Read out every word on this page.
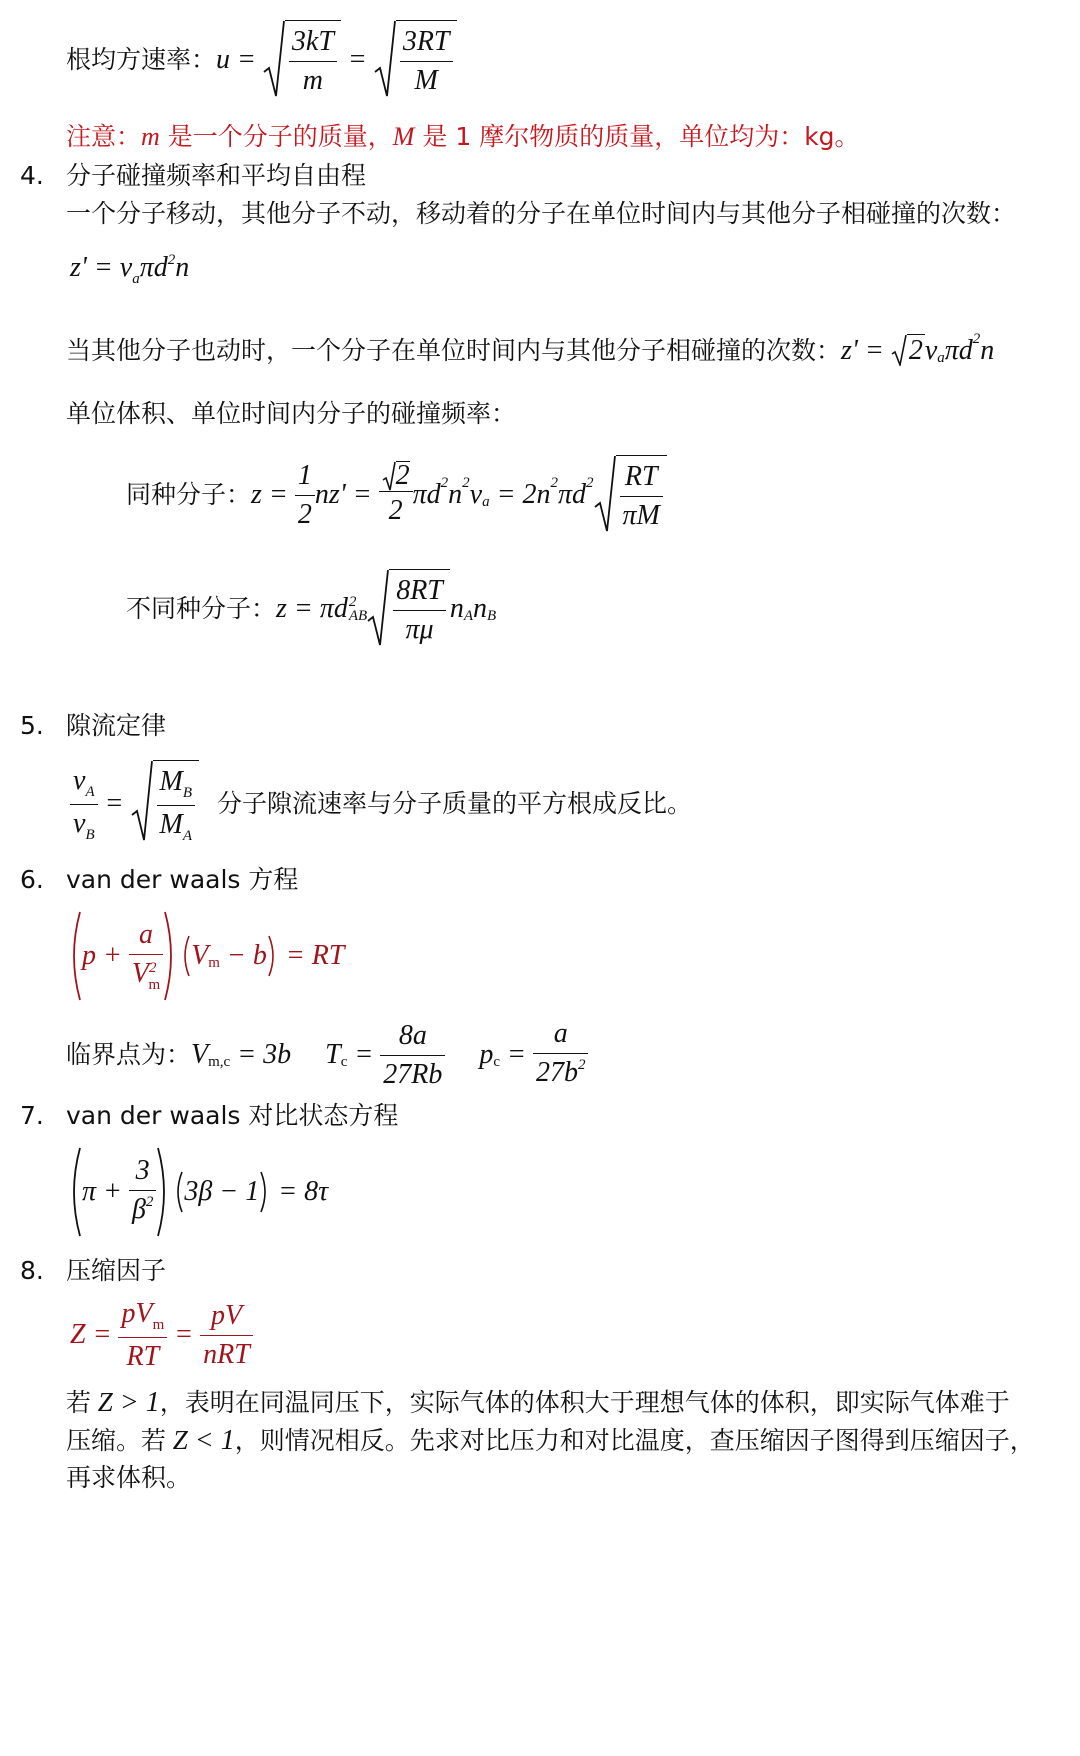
根均方速率： $u = \frac{3kT}{m} = \frac{3RT}{M}$
注意：m 是一个分子的质量，M 是 1 摩尔物质的质量，单位均为：kg。
4. 分子碰撞频率和平均自由程
一个分子移动，其他分子不动，移动着的分子在单位时间内与其他分子相碰撞的次数：
$z' = v_a\pi d^2n$
当其他分子也动时，一个分子在单位时间内与其他分子相碰撞的次数： z' = 2 v a πd 2 n
单位体积、单位时间内分子的碰撞频率：
同种分子： $z = \frac{1}{2} nz' = \frac{2}{2}$ πd 2 n 2 v a = 2 n 2 πd $2 \frac{RT}{\pi M}$
不同种分子： z = πd 2
AB $\frac{8RT}{\pi\mu}$ n A n B
5. 隙流定律
$\frac{v_A}{v_B} = \frac{M_B}{M_A}$ 分子隙流速率与分子质量的平方根成反比。
6. van der waals 方程
$p + \frac{a}{V^2_m}$	V m − b = RT
临界点为： V m,c = 3 b
T $c = \frac{8a}{27Rb}$ p $c = \frac{a}{27b^2}$
7. van der waals 对比状态方程
$\pi + \frac{3}{\beta^2} 3$ β − 1 = 8 τ
8. 压缩因子
$Z = \frac{pV_m}{RT} = \frac{pV}{\text{nRT}}$
若 Z > 1，表明在同温同压下，实际气体的体积大于理想气体的体积，即实际气体难于
压缩。若 Z < 1，则情况相反。先求对比压力和对比温度，查压缩因子图得到压缩因子，
再求体积。
